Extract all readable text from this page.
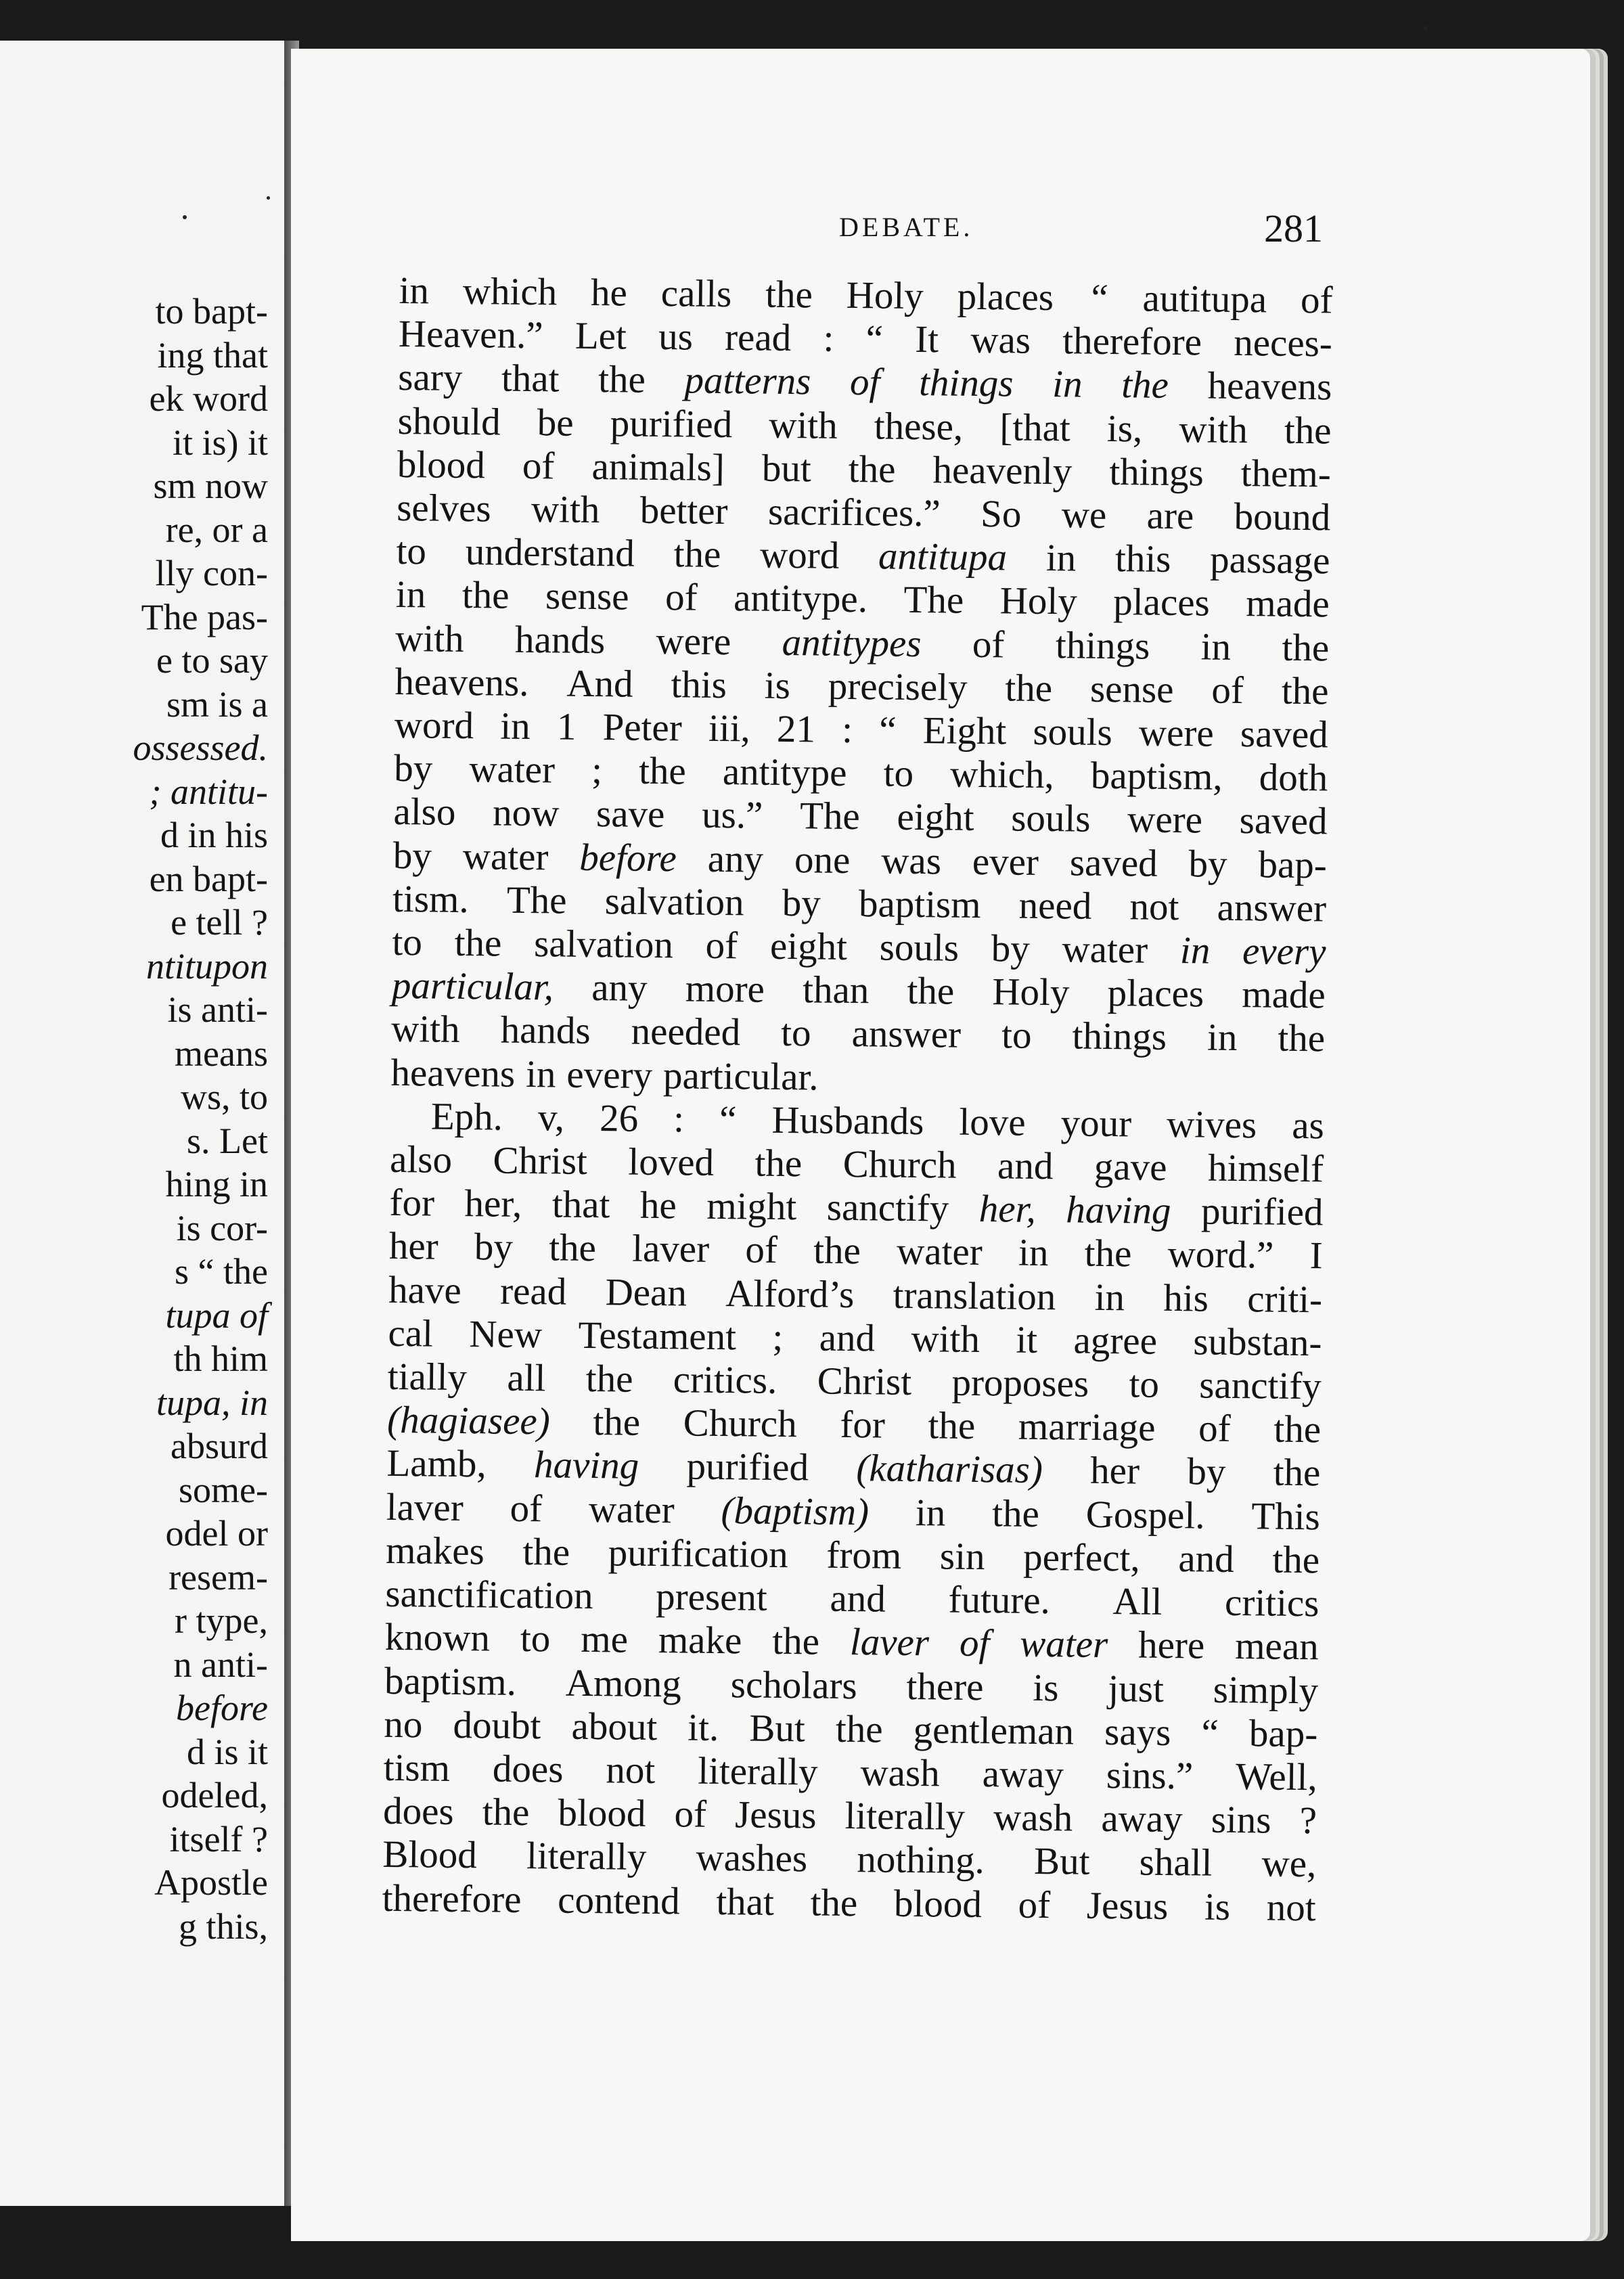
to bapt-
ing that
ek word
it is) it
sm now
re, or a
lly con-
The pas-
e to say
sm is a
ossessed.
; antitu-
d in his
en bapt-
e tell ?
ntitupon
is anti-
means
ws, to
s. Let
hing in
is cor-
s “ the
tupa of
th him
tupa, in
absurd
some-
odel or
resem-
r type,
n anti-
before
d is it
odeled,
itself ?
Apostle
g this,
DEBATE.	281
in which he calls the Holy places “ autitupa of
Heaven.” Let us read : “ It was therefore neces-
sary that the patterns of things in the heavens
should be purified with these, [that is, with the
blood of animals] but the heavenly things them-
selves with better sacrifices.” So we are bound
to understand the word antitupa in this passage
in the sense of antitype. The Holy places made
with hands were antitypes of things in the
heavens. And this is precisely the sense of the
word in 1 Peter iii, 21 : “ Eight souls were saved
by water ; the antitype to which, baptism, doth
also now save us.” The eight souls were saved
by water before any one was ever saved by bap-
tism. The salvation by baptism need not answer
to the salvation of eight souls by water in every
particular, any more than the Holy places made
with hands needed to answer to things in the
heavens in every particular.
Eph. v, 26 : “ Husbands love your wives as
also Christ loved the Church and gave himself
for her, that he might sanctify her, having purified
her by the laver of the water in the word.” I
have read Dean Alford’s translation in his criti-
cal New Testament ; and with it agree substan-
tially all the critics. Christ proposes to sanctify
(hagiasee) the Church for the marriage of the
Lamb, having purified (katharisas) her by the
laver of water (baptism) in the Gospel. This
makes the purification from sin perfect, and the
sanctification present and future. All critics
known to me make the laver of water here mean
baptism. Among scholars there is just simply
no doubt about it. But the gentleman says “ bap-
tism does not literally wash away sins.” Well,
does the blood of Jesus literally wash away sins ?
Blood literally washes nothing. But shall we,
therefore contend that the blood of Jesus is not
